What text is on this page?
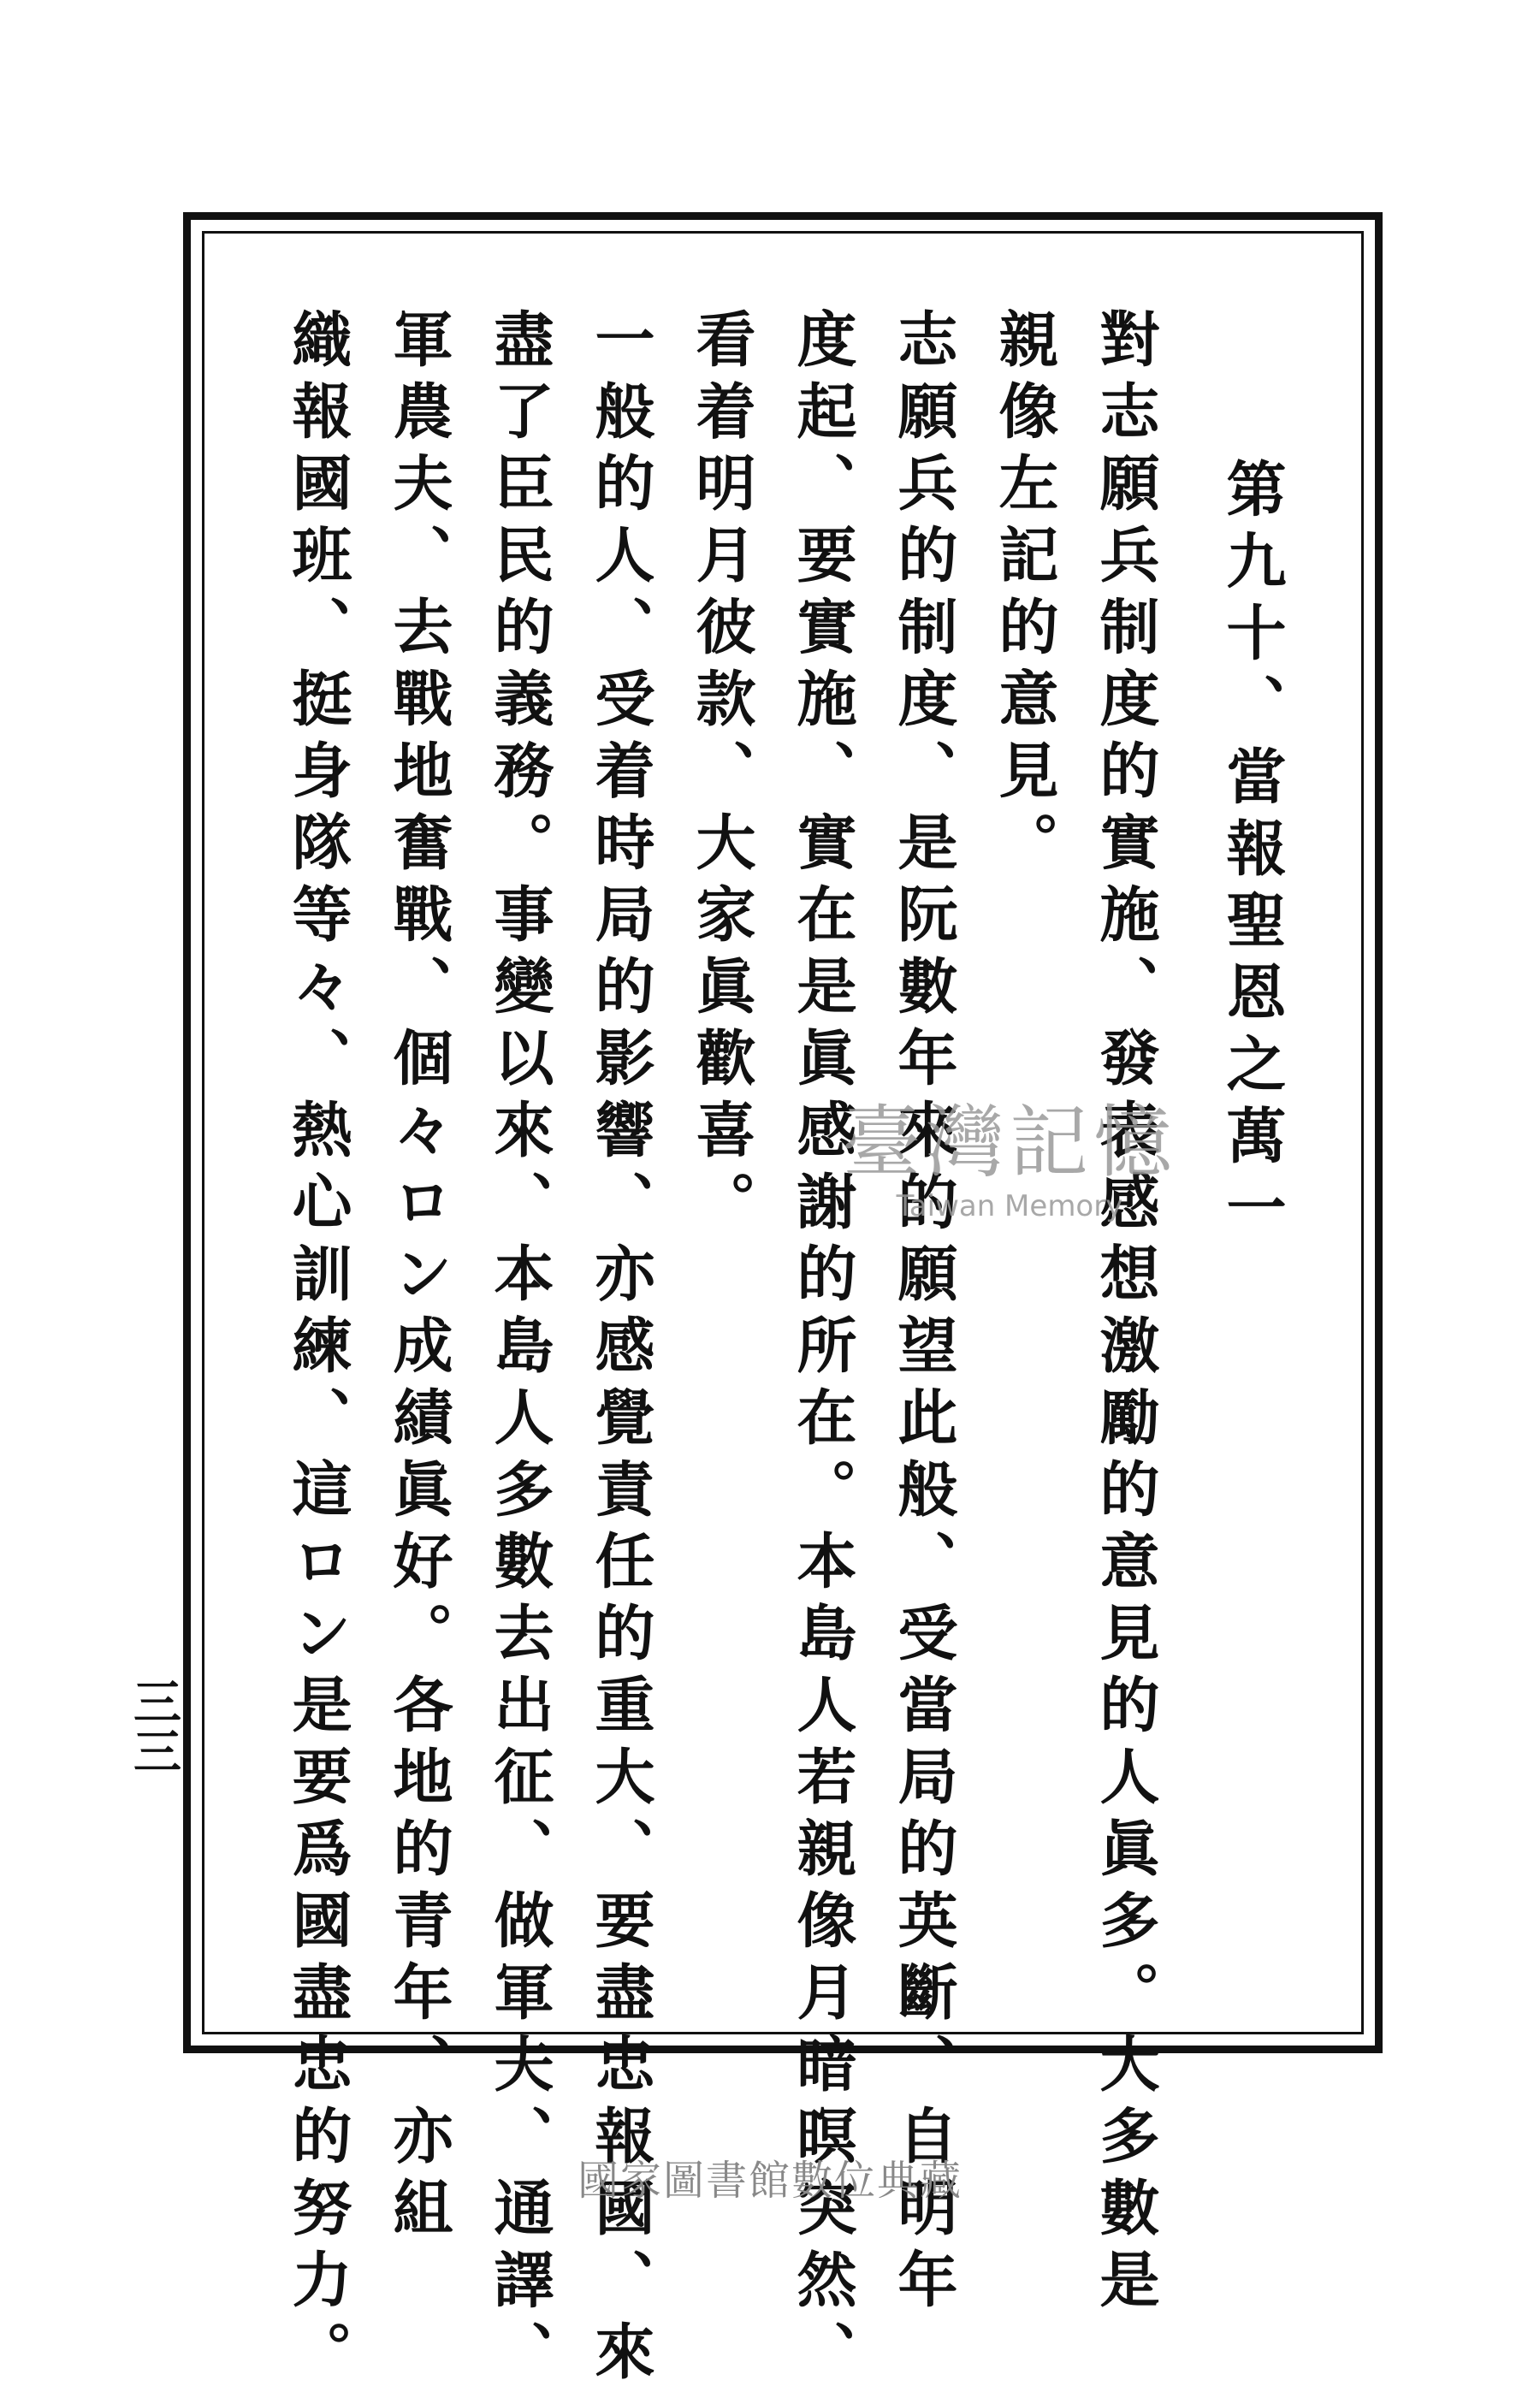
第九十、當報聖恩之萬一
對志願兵制度的實施、發表感想激勵的意見的人眞多。大多數是
親像左記的意見。
志願兵的制度、是阮數年來的願望此般、受當局的英斷、自明年
度起、要實施、實在是眞感謝的所在。本島人若親像月暗暝突然、
看着明月彼款、大家眞歡喜。
一般的人、受着時局的影響、亦感覺責任的重大、要盡忠報國、來
盡了臣民的義務。事變以來、本島人多數去出征、做軍夫、通譯、
軍農夫、去戰地奮戰、個々ロン成績眞好。各地的青年、亦組
織報國班、挺身隊等々、熱心訓練、這ロン是要爲國盡忠的努力。
三三
臺灣記憶
Taiwan Memory
國家圖書館數位典藏
